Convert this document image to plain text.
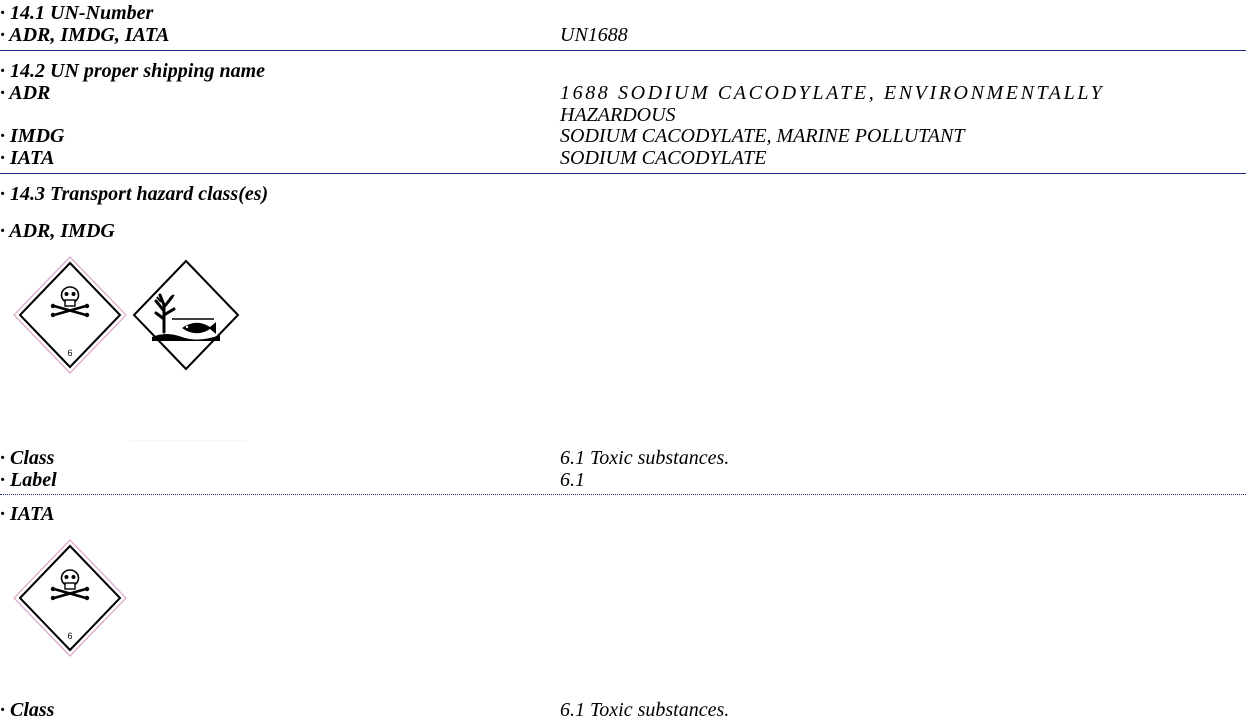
· 14.1 UN-Number
· ADR, IMDG, IATA	UN1688
· 14.2 UN proper shipping name
· ADR	1688 SODIUM CACODYLATE, ENVIRONMENTALLY
HAZARDOUS
· IMDG	SODIUM CACODYLATE, MARINE POLLUTANT
· IATA	SODIUM CACODYLATE
· 14.3 Transport hazard class(es)
· ADR, IMDG
6
· Class	6.1 Toxic substances.
· Label	6.1
· IATA
6
· Class	6.1 Toxic substances.
